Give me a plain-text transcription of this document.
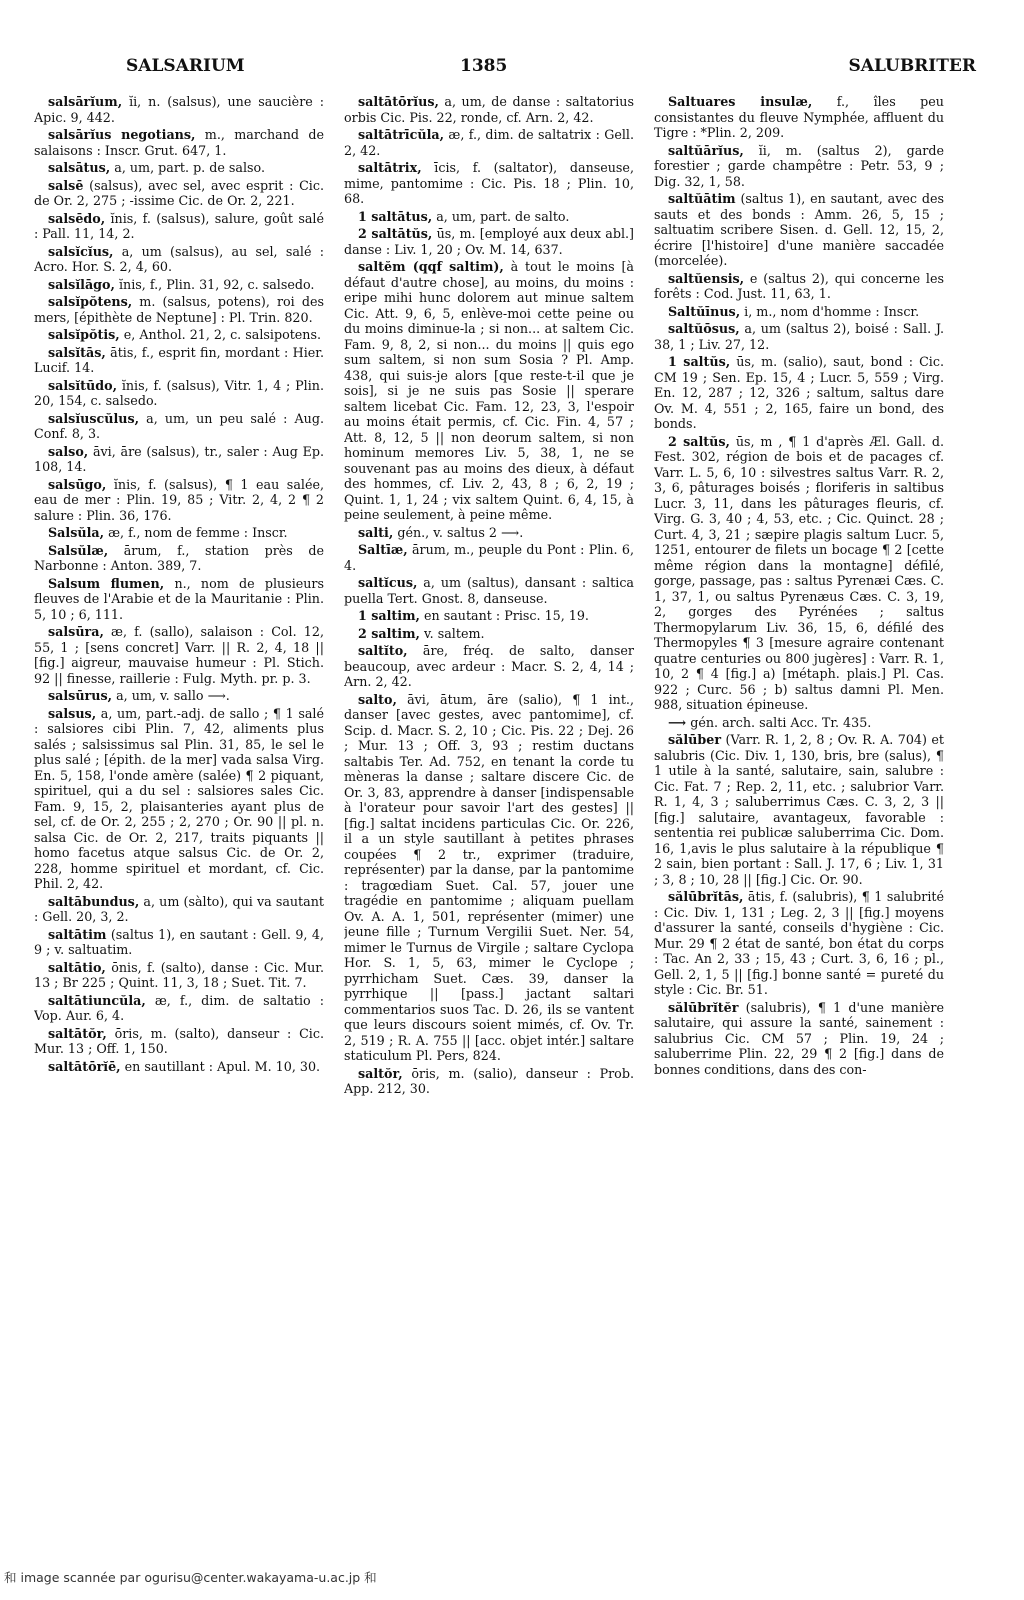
SALSARIUM	1385	SALUBRITER

salsārĭum, ĭi, n. (salsus), une saucière : Apic. 9, 442.

salsārĭus negotians, m., marchand de salaisons : Inscr. Grut. 647, 1.

salsātus, a, um, part. p. de salso.

salsē (salsus), avec sel, avec esprit : Cic. de Or. 2, 275 ; -issime Cic. de Or. 2, 221.

salsēdo, ĭnis, f. (salsus), salure, goût salé : Pall. 11, 14, 2.

salsĭcĭus, a, um (salsus), au sel, salé : Acro. Hor. S. 2, 4, 60.

salsĭlāgo, ĭnis, f., Plin. 31, 92, c. salsedo.

salsĭpŏtens, m. (salsus, potens), roi des mers, [épithète de Neptune] : Pl. Trin. 820.

salsĭpŏtis, e, Anthol. 21, 2, c. salsipotens.

salsĭtās, ātis, f., esprit fin, mordant : Hier. Lucif. 14.

salsĭtūdo, ĭnis, f. (salsus), Vitr. 1, 4 ; Plin. 20, 154, c. salsedo.

salsĭuscŭlus, a, um, un peu salé : Aug. Conf. 8, 3.

salso, āvi, āre (salsus), tr., saler : Aug Ep. 108, 14.

salsūgo, ĭnis, f. (salsus), ¶ 1 eau salée, eau de mer : Plin. 19, 85 ; Vitr. 2, 4, 2 ¶ 2 salure : Plin. 36, 176.

Salsŭla, æ, f., nom de femme : Inscr.

Salsŭlæ, ārum, f., station près de Narbonne : Anton. 389, 7.

Salsum flumen, n., nom de plusieurs fleuves de l'Arabie et de la Mauritanie : Plin. 5, 10 ; 6, 111.

salsūra, æ, f. (sallo), salaison : Col. 12, 55, 1 ; [sens concret] Varr. || R. 2, 4, 18 || [fig.] aigreur, mauvaise humeur : Pl. Stich. 92 || finesse, raillerie : Fulg. Myth. pr. p. 3.

salsūrus, a, um, v. sallo ⟶.

salsus, a, um, part.-adj. de sallo ; ¶ 1 salé : salsiores cibi Plin. 7, 42, aliments plus salés ; salsissimus sal Plin. 31, 85, le sel le plus salé ; [épith. de la mer] vada salsa Virg. En. 5, 158, l'onde amère (salée) ¶ 2 piquant, spirituel, qui a du sel : salsiores sales Cic. Fam. 9, 15, 2, plaisanteries ayant plus de sel, cf. de Or. 2, 255 ; 2, 270 ; Or. 90 || pl. n. salsa Cic. de Or. 2, 217, traits piquants || homo facetus atque salsus Cic. de Or. 2, 228, homme spirituel et mordant, cf. Cic. Phil. 2, 42.

saltābundus, a, um (sàlto), qui va sautant : Gell. 20, 3, 2.

saltātim (saltus 1), en sautant : Gell. 9, 4, 9 ; v. saltuatim.

saltātio, ōnis, f. (salto), danse : Cic. Mur. 13 ; Br 225 ; Quint. 11, 3, 18 ; Suet. Tit. 7.

saltātiuncŭla, æ, f., dim. de saltatio : Vop. Aur. 6, 4.

saltātŏr, ōris, m. (salto), danseur : Cic. Mur. 13 ; Off. 1, 150.

saltātōrĭē, en sautillant : Apul. M. 10, 30.

saltātōrĭus, a, um, de danse : saltatorius orbis Cic. Pis. 22, ronde, cf. Arn. 2, 42.

saltātrīcŭla, æ, f., dim. de saltatrix : Gell. 2, 42.

saltātrix, īcis, f. (saltator), danseuse, mime, pantomime : Cic. Pis. 18 ; Plin. 10, 68.

1 saltātus, a, um, part. de salto.

2 saltātŭs, ūs, m. [employé aux deux abl.] danse : Liv. 1, 20 ; Ov. M. 14, 637.

saltĕm (qqf saltim), à tout le moins [à défaut d'autre chose], au moins, du moins : eripe mihi hunc dolorem aut minue saltem Cic. Att. 9, 6, 5, enlève-moi cette peine ou du moins diminue-la ; si non... at saltem Cic. Fam. 9, 8, 2, si non... du moins || quis ego sum saltem, si non sum Sosia ? Pl. Amp. 438, qui suis-je alors [que reste-t-il que je sois], si je ne suis pas Sosie || sperare saltem licebat Cic. Fam. 12, 23, 3, l'espoir au moins était permis, cf. Cic. Fin. 4, 57 ; Att. 8, 12, 5 || non deorum saltem, si non hominum memores Liv. 5, 38, 1, ne se souvenant pas au moins des dieux, à défaut des hommes, cf. Liv. 2, 43, 8 ; 6, 2, 19 ; Quint. 1, 1, 24 ; vix saltem Quint. 6, 4, 15, à peine seulement, à peine même.

salti, gén., v. saltus 2 ⟶.

Saltīæ, ārum, m., peuple du Pont : Plin. 6, 4.

saltĭcus, a, um (saltus), dansant : saltica puella Tert. Gnost. 8, danseuse.

1 saltim, en sautant : Prisc. 15, 19.

2 saltim, v. saltem.

saltĭto, āre, fréq. de salto, danser beaucoup, avec ardeur : Macr. S. 2, 4, 14 ; Arn. 2, 42.

salto, āvi, ātum, āre (salio), ¶ 1 int., danser [avec gestes, avec pantomime], cf. Scip. d. Macr. S. 2, 10 ; Cic. Pis. 22 ; Dej. 26 ; Mur. 13 ; Off. 3, 93 ; restim ductans saltabis Ter. Ad. 752, en tenant la corde tu mèneras la danse ; saltare discere Cic. de Or. 3, 83, apprendre à danser [indispensable à l'orateur pour savoir l'art des gestes] || [fig.] saltat incidens particulas Cic. Or. 226, il a un style sautillant à petites phrases coupées ¶ 2 tr., exprimer (traduire, représenter) par la danse, par la pantomime : tragœdiam Suet. Cal. 57, jouer une tragédie en pantomime ; aliquam puellam Ov. A. A. 1, 501, représenter (mimer) une jeune fille ; Turnum Vergilii Suet. Ner. 54, mimer le Turnus de Virgile ; saltare Cyclopa Hor. S. 1, 5, 63, mimer le Cyclope ; pyrrhicham Suet. Cæs. 39, danser la pyrrhique || [pass.] jactant saltari commentarios suos Tac. D. 26, ils se vantent que leurs discours soient mimés, cf. Ov. Tr. 2, 519 ; R. A. 755 || [acc. objet intér.] saltare staticulum Pl. Pers, 824.

saltŏr, ōris, m. (salio), danseur : Prob. App. 212, 30.

Saltuares insulæ, f., îles peu consistantes du fleuve Nymphée, affluent du Tigre : *Plin. 2, 209.

saltŭārĭus, ĭi, m. (saltus 2), garde forestier ; garde champêtre : Petr. 53, 9 ; Dig. 32, 1, 58.

saltŭātim (saltus 1), en sautant, avec des sauts et des bonds : Amm. 26, 5, 15 ; saltuatim scribere Sisen. d. Gell. 12, 15, 2, écrire [l'histoire] d'une manière saccadée (morcelée).

saltŭensis, e (saltus 2), qui concerne les forêts : Cod. Just. 11, 63, 1.

Saltŭīnus, i, m., nom d'homme : Inscr.

saltŭōsus, a, um (saltus 2), boisé : Sall. J. 38, 1 ; Liv. 27, 12.

1 saltŭs, ūs, m. (salio), saut, bond : Cic. CM 19 ; Sen. Ep. 15, 4 ; Lucr. 5, 559 ; Virg. En. 12, 287 ; 12, 326 ; saltum, saltus dare Ov. M. 4, 551 ; 2, 165, faire un bond, des bonds.

2 saltŭs, ūs, m , ¶ 1 d'après Æl. Gall. d. Fest. 302, région de bois et de pacages cf. Varr. L. 5, 6, 10 : silvestres saltus Varr. R. 2, 3, 6, pâturages boisés ; floriferis in saltibus Lucr. 3, 11, dans les pâturages fleuris, cf. Virg. G. 3, 40 ; 4, 53, etc. ; Cic. Quinct. 28 ; Curt. 4, 3, 21 ; sæpire plagis saltum Lucr. 5, 1251, entourer de filets un bocage ¶ 2 [cette même région dans la montagne] défilé, gorge, passage, pas : saltus Pyrenæi Cæs. C. 1, 37, 1, ou saltus Pyrenæus Cæs. C. 3, 19, 2, gorges des Pyrénées ; saltus Thermopylarum Liv. 36, 15, 6, défilé des Thermopyles ¶ 3 [mesure agraire contenant quatre centuries ou 800 jugères] : Varr. R. 1, 10, 2 ¶ 4 [fig.] a) [métaph. plais.] Pl. Cas. 922 ; Curc. 56 ; b) saltus damni Pl. Men. 988, situation épineuse.

⟶ gén. arch. salti Acc. Tr. 435.

sălūber (Varr. R. 1, 2, 8 ; Ov. R. A. 704) et salubris (Cic. Div. 1, 130, bris, bre (salus), ¶ 1 utile à la santé, salutaire, sain, salubre : Cic. Fat. 7 ; Rep. 2, 11, etc. ; salubrior Varr. R. 1, 4, 3 ; saluberrimus Cæs. C. 3, 2, 3 || [fig.] salutaire, avantageux, favorable : sententia rei publicæ saluberrima Cic. Dom. 16, 1,avis le plus salutaire à la république ¶ 2 sain, bien portant : Sall. J. 17, 6 ; Liv. 1, 31 ; 3, 8 ; 10, 28 || [fig.] Cic. Or. 90.

sălūbrĭtās, ātis, f. (salubris), ¶ 1 salubrité : Cic. Div. 1, 131 ; Leg. 2, 3 || [fig.] moyens d'assurer la santé, conseils d'hygiène : Cic. Mur. 29 ¶ 2 état de santé, bon état du corps : Tac. An 2, 33 ; 15, 43 ; Curt. 3, 6, 16 ; pl., Gell. 2, 1, 5 || [fig.] bonne santé = pureté du style : Cic. Br. 51.

sălūbrĭtĕr (salubris), ¶ 1 d'une manière salutaire, qui assure la santé, sainement : salubrius Cic. CM 57 ; Plin. 19, 24 ; saluberrime Plin. 22, 29 ¶ 2 [fig.] dans de bonnes conditions, dans des con-

和 image scannée par ogurisu@center.wakayama-u.ac.jp 和
